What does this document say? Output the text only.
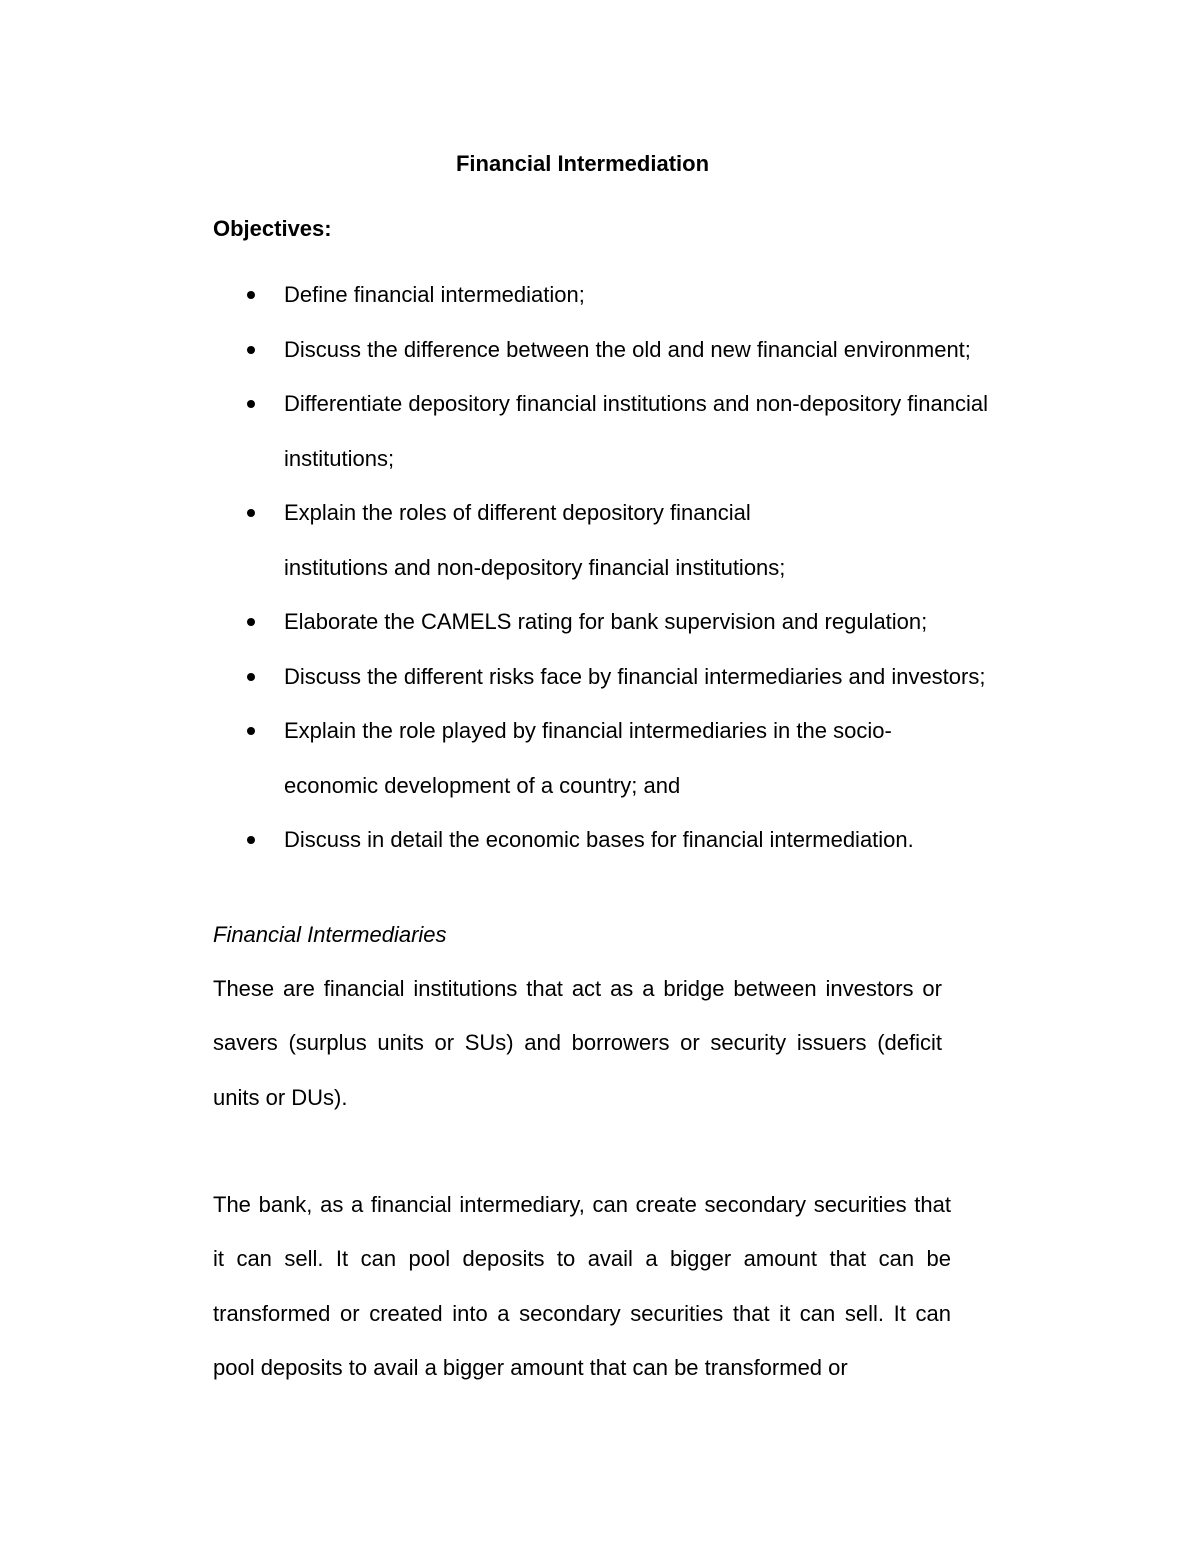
Financial Intermediation
Objectives:
Define financial intermediation;
Discuss the difference between the old and new financial environment;
Differentiate depository financial institutions and non-depository financial institutions;
Explain the roles of different depository financial institutions and non-depository financial institutions;
Elaborate the CAMELS rating for bank supervision and regulation;
Discuss the different risks face by financial intermediaries and investors;
Explain the role played by financial intermediaries in the socio-economic development of a country; and
Discuss in detail the economic bases for financial intermediation.
Financial Intermediaries

These are financial institutions that act as a bridge between investors or savers (surplus units or SUs) and borrowers or security issuers (deficit units or DUs).

The bank, as a financial intermediary, can create secondary securities that it can sell. It can pool deposits to avail a bigger amount that can be transformed or created into a secondary securities that it can sell. It can pool deposits to avail a bigger amount that can be transformed or
